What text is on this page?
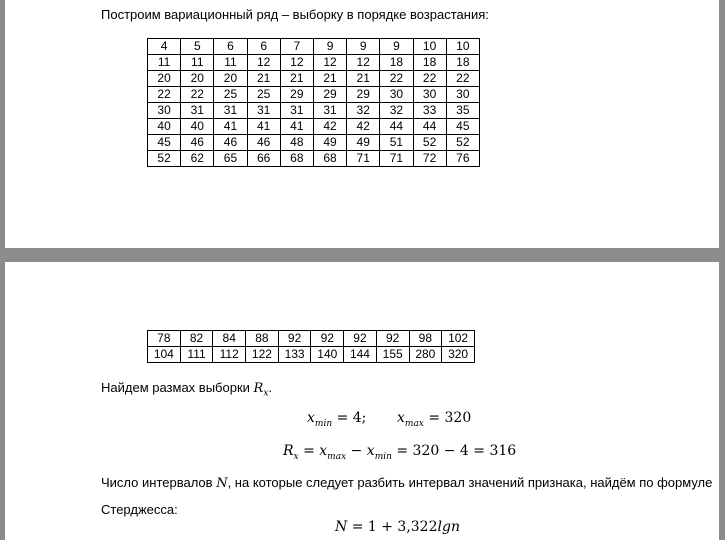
Построим вариационный ряд – выборку в порядке возрастания:
4	5	6	6	7	9	9	9	10	10
11	11	11	12	12	12	12	18	18	18
20	20	20	21	21	21	21	22	22	22
22	22	25	25	29	29	29	30	30	30
30	31	31	31	31	31	32	32	33	35
40	40	41	41	41	42	42	44	44	45
45	46	46	46	48	49	49	51	52	52
52	62	65	66	68	68	71	71	72	76
78	82	84	88	92	92	92	92	98	102
104	111	112	122	133	140	144	155	280	320
Найдем размах выборки $R_x$.
$x_{min} = 4$; $x_{max} = 320$
$R_x = x_{max} - x_{min} = 320 - 4 = 316$
Число интервалов N, на которые следует разбить интервал значений признака, найдём по формуле
Стерджесса:
N = 1 + 3,322lgn
